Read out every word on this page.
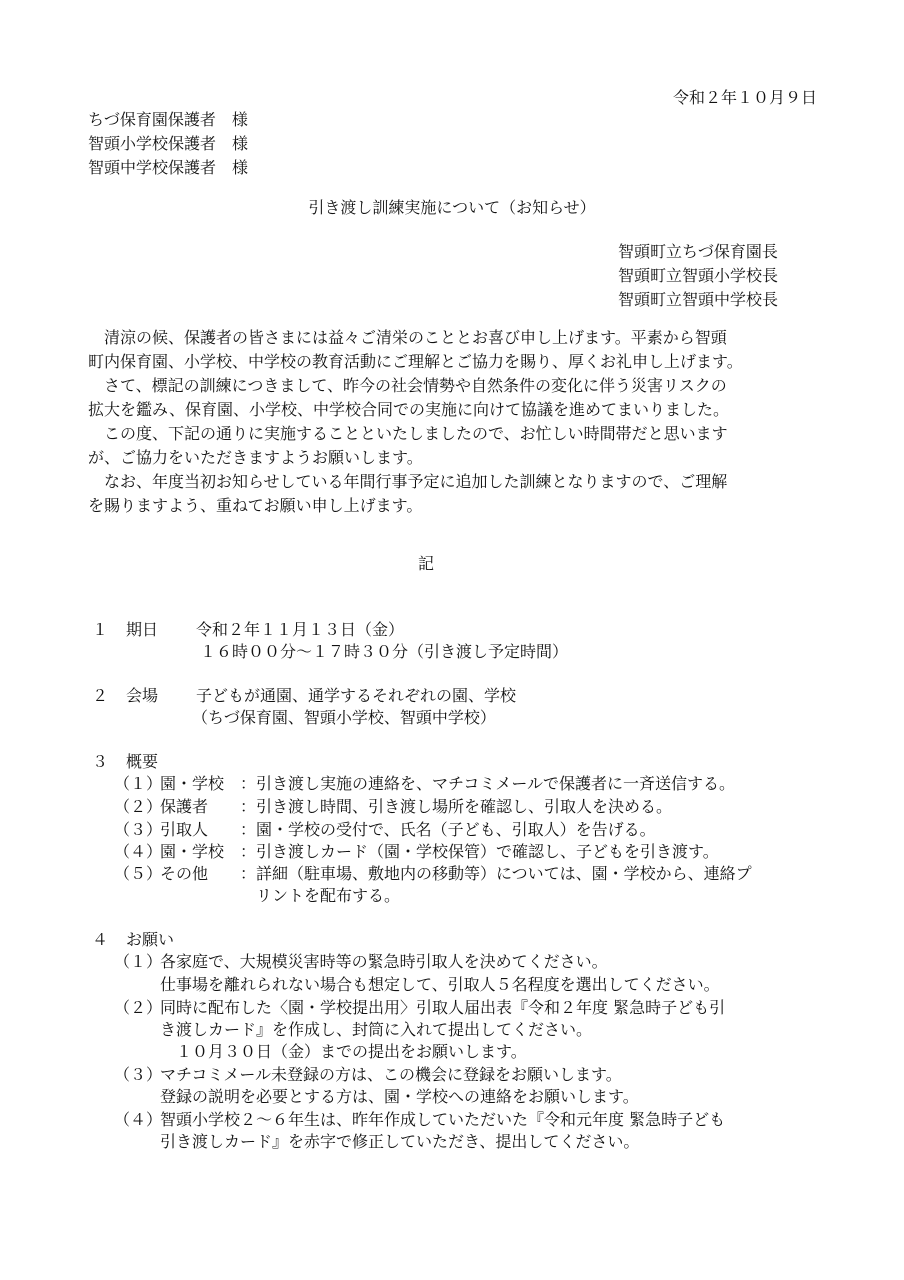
令和２年１０月９日
ちづ保育園保護者　様
智頭小学校保護者　様
智頭中学校保護者　様
引き渡し訓練実施について（お知らせ）
智頭町立ちづ保育園長
智頭町立智頭小学校長
智頭町立智頭中学校長
　清涼の候、保護者の皆さまには益々ご清栄のこととお喜び申し上げます。平素から智頭
町内保育園、小学校、中学校の教育活動にご理解とご協力を賜り、厚くお礼申し上げます。
　さて、標記の訓練につきまして、昨今の社会情勢や自然条件の変化に伴う災害リスクの
拡大を鑑み、保育園、小学校、中学校合同での実施に向けて協議を進めてまいりました。
　この度、下記の通りに実施することといたしましたので、お忙しい時間帯だと思います
が、ご協力をいただきますようお願いします。
　なお、年度当初お知らせしている年間行事予定に追加した訓練となりますので、ご理解
を賜りますよう、重ねてお願い申し上げます。
記
１ 期日 令和２年１１月１３日（金）
１６時００分～１７時３０分（引き渡し予定時間）
２ 会場 子どもが通園、通学するそれぞれの園、学校
（ちづ保育園、智頭小学校、智頭中学校）
３ 概要
（１）
園・学校 ：引き渡し実施の連絡を、マチコミメールで保護者に一斉送信する。
（２）
保護者 ：引き渡し時間、引き渡し場所を確認し、引取人を決める。
（３）
引取人 ：園・学校の受付で、氏名（子ども、引取人）を告げる。
（４）
園・学校 ：引き渡しカード（園・学校保管）で確認し、子どもを引き渡す。
（５）
その他 ：詳細（駐車場、敷地内の移動等）については、園・学校から、連絡プ
リントを配布する。
４ お願い
（１）
各家庭で、大規模災害時等の緊急時引取人を決めてください。
仕事場を離れられない場合も想定して、引取人５名程度を選出してください。
（２）
同時に配布した〈園・学校提出用〉引取人届出表『令和２年度 緊急時子ども引
き渡しカード』を作成し、封筒に入れて提出してください。
　１０月３０日（金）までの提出をお願いします。
（３）
マチコミメール未登録の方は、この機会に登録をお願いします。
登録の説明を必要とする方は、園・学校への連絡をお願いします。
（４）
智頭小学校２～６年生は、昨年作成していただいた『令和元年度 緊急時子ども
引き渡しカード』を赤字で修正していただき、提出してください。
